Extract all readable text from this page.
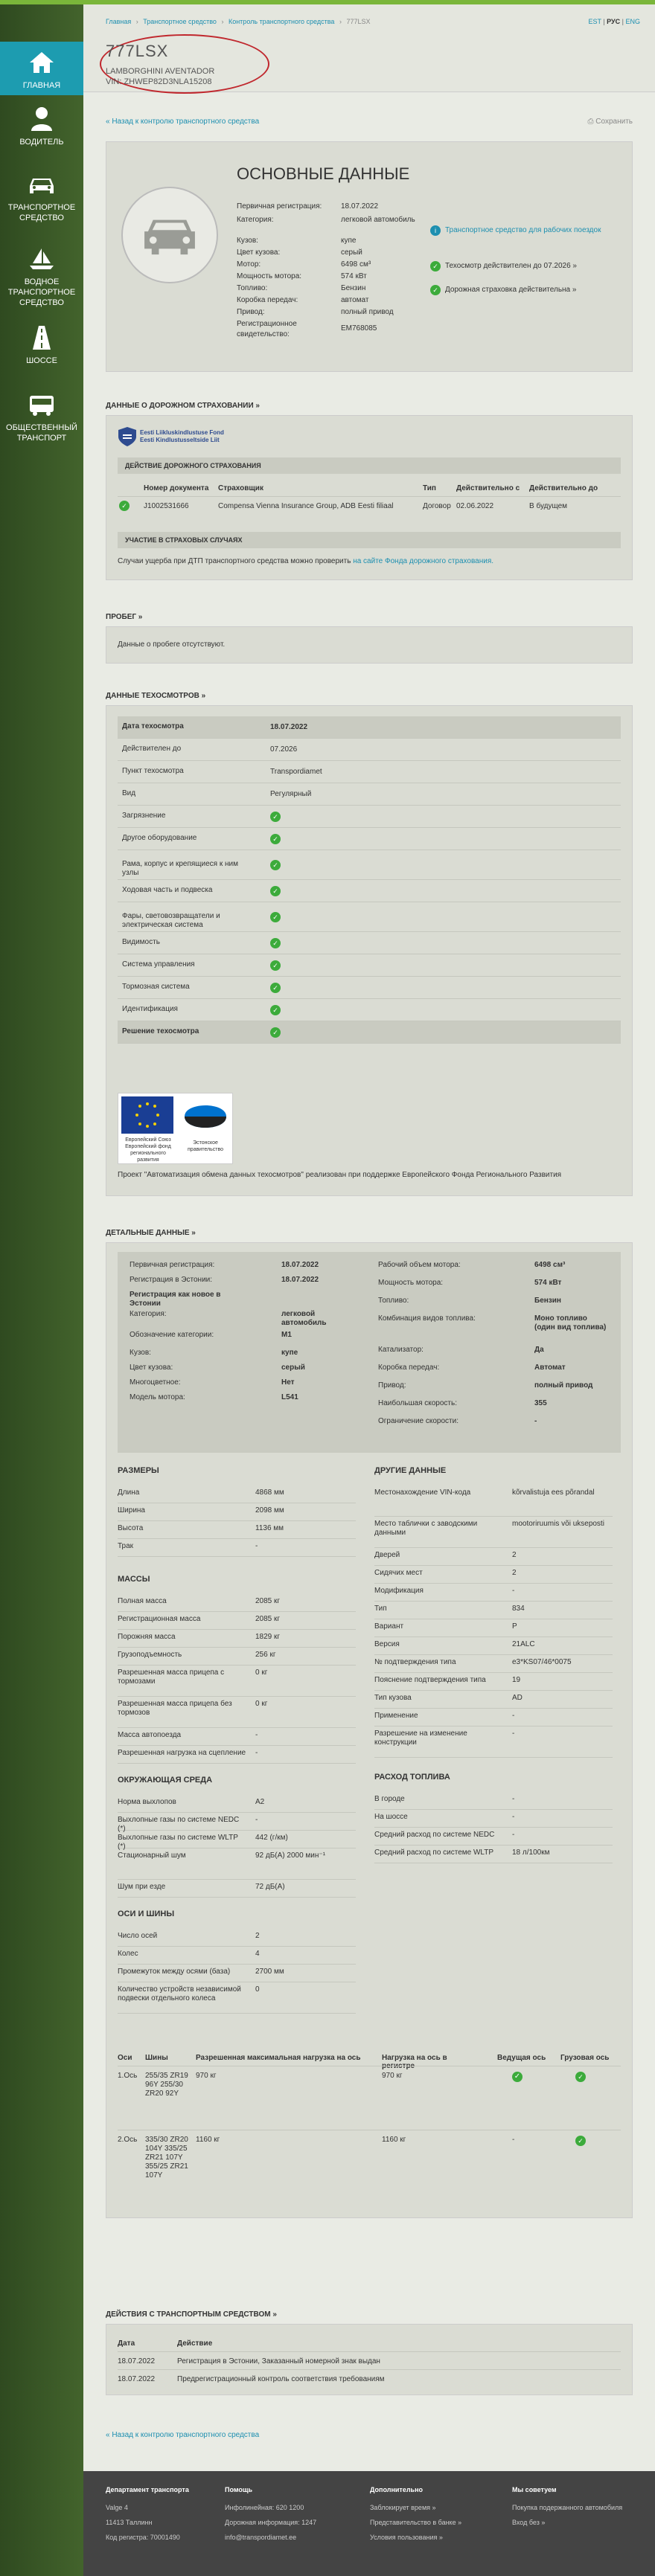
ГЛАВНАЯ
ВОДИТЕЛЬ
ТРАНСПОРТНОЕ СРЕДСТВО
ВОДНОЕ ТРАНСПОРТНОЕ СРЕДСТВО
ШОССЕ
ОБЩЕСТВЕННЫЙ ТРАНСПОРТ
Главная › Транспортное средство › Контроль транспортного средства › 777LSX	EST | РУС | ENG
777LSX
LAMBORGHINI AVENTADOR
VIN: ZHWEP82D3NLA15208
« Назад к контролю транспортного средства	⎙ Сохранить
ОСНОВНЫЕ ДАННЫЕ
Первичная регистрация:	18.07.2022
Категория:	легковой автомобиль
Кузов:	купе
Цвет кузова:	серый
Мотор:	6498 см³
Мощность мотора:	574 кВт
Топливо:	Бензин
Коробка передач:	автомат
Привод:	полный привод
Регистрационное свидетельство:
EM768085
i	Транспортное средство для рабочих поездок
✓ Техосмотр действителен до 07.2026 »
✓ Дорожная страховка действительна »
ДАННЫЕ О ДОРОЖНОМ СТРАХОВАНИИ »
Eesti Liikluskindlustuse Fond
Eesti Kindlustusseltside Liit
ДЕЙСТВИЕ ДОРОЖНОГО СТРАХОВАНИЯ
Номер документа Страховщик	Тип	Действительно с Действительно до
✓	J1002531666	Compensa Vienna Insurance Group, ADB Eesti filiaal	Договор 02.06.2022	В будущем
УЧАСТИЕ В СТРАХОВЫХ СЛУЧАЯХ
Случаи ущерба при ДТП транспортного средства можно проверить на сайте Фонда дорожного страхования.
ПРОБЕГ »
Данные о пробеге отсутствуют.
ДАННЫЕ ТЕХОСМОТРОВ »
Дата техосмотра	18.07.2022
Действителен до	07.2026
Пункт техосмотра	Transpordiamet
Вид	Регулярный
Загрязнение	✓
Другое оборудование	✓
Рама, корпус и крепящиеся к ним узлы
✓
Ходовая часть и подвеска	✓
Фары, световозвращатели и электрическая система
✓
Видимость	✓
Система управления	✓
Тормозная система	✓
Идентификация	✓
Решение техосмотра	✓
Европейский Союз
Европейский фонд регионального развития
Эстонское правительство
Проект "Автоматизация обмена данных техосмотров" реализован при поддержке Европейского Фонда Регионального Развития
ДЕТАЛЬНЫЕ ДАННЫЕ »
Первичная регистрация:	18.07.2022
Регистрация в Эстонии:	18.07.2022
Регистрация как новое в Эстонии
Категория:	легковой автомобиль
Обозначение категории:	M1
Кузов:	купе
Цвет кузова:	серый
Многоцветное:	Нет
Модель мотора:	L541
Рабочий объем мотора:	6498 см³
Мощность мотора:	574 кВт
Топливо:	Бензин
Комбинация видов топлива:	Моно топливо (один вид топлива)
Катализатор:	Да
Коробка передач:	Автомат
Привод:	полный привод
Наибольшая скорость:	355
Ограничение скорости:	-
РАЗМЕРЫ
Длина	4868 мм
Ширина	2098 мм
Высота	1136 мм
Трак	-
МАССЫ
Полная масса	2085 кг
Регистрационная масса	2085 кг
Порожняя масса	1829 кг
Грузоподъемность	256 кг
Разрешенная масса прицепа с тормозами
0 кг
Разрешенная масса прицепа без тормозов
0 кг
Масса автопоезда	-
Разрешенная нагрузка на сцепление -
ОКРУЖАЮЩАЯ СРЕДА
Норма выхлопов	A2
Выхлопные газы по системе NEDC (*)
-
Выхлопные газы по системе WLTP (*)
442 (г/км)
Стационарный шум	92 дБ(A) 2000 мин⁻¹
Шум при езде	72 дБ(A)
ОСИ И ШИНЫ
Число осей	2
Колес	4
Промежуток между осями (база)	2700 мм
Количество устройств независимой подвески отдельного колеса
0
ДРУГИЕ ДАННЫЕ
Местонахождение VIN-кода	kõrvalistuja ees põrandal
Место таблички с заводскими данными
mootoriruumis või ukseposti
Дверей	2
Сидячих мест	2
Модификация	-
Тип	834
Вариант	P
Версия	21ALC
№ подтверждения типа	e3*KS07/46*0075
Пояснение подтверждения типа	19
Тип кузова	AD
Применение	-
Разрешение на изменение конструкции
-
РАСХОД ТОПЛИВА
В городе	-
На шоссе	-
Средний расход по системе NEDC	-
Средний расход по системе WLTP	18 л/100км
Оси	Шины	Разрешенная максимальная нагрузка на ось	Нагрузка на ось в	Ведущая ось	Грузовая ось
1.Ось 255/35 ZR19 96Y 255/30 ZR20 92Y
970 кг	970 кг	✓	✓
2.Ось 335/30 ZR20 104Y 335/25 ZR21 107Y 355/25 ZR21 107Y
1160 кг	1160 кг	-	✓
ДЕЙСТВИЯ С ТРАНСПОРТНЫМ СРЕДСТВОМ »
Дата	Действие
18.07.2022	Регистрация в Эстонии, Заказанный номерной знак выдан
18.07.2022	Предрегистрационный контроль соответствия требованиям
« Назад к контролю транспортного средства
Департамент транспорта
Valge 4
11413 Таллинн
Код регистра: 70001490
Помощь
Инфолинейная: 620 1200
Дорожная информация: 1247
info@transpordiamet.ee
Дополнительно
Заблокирует время »
Представительство в банке »
Условия пользования »
Мы советуем
Покупка подержанного автомобиля
Вход без »
